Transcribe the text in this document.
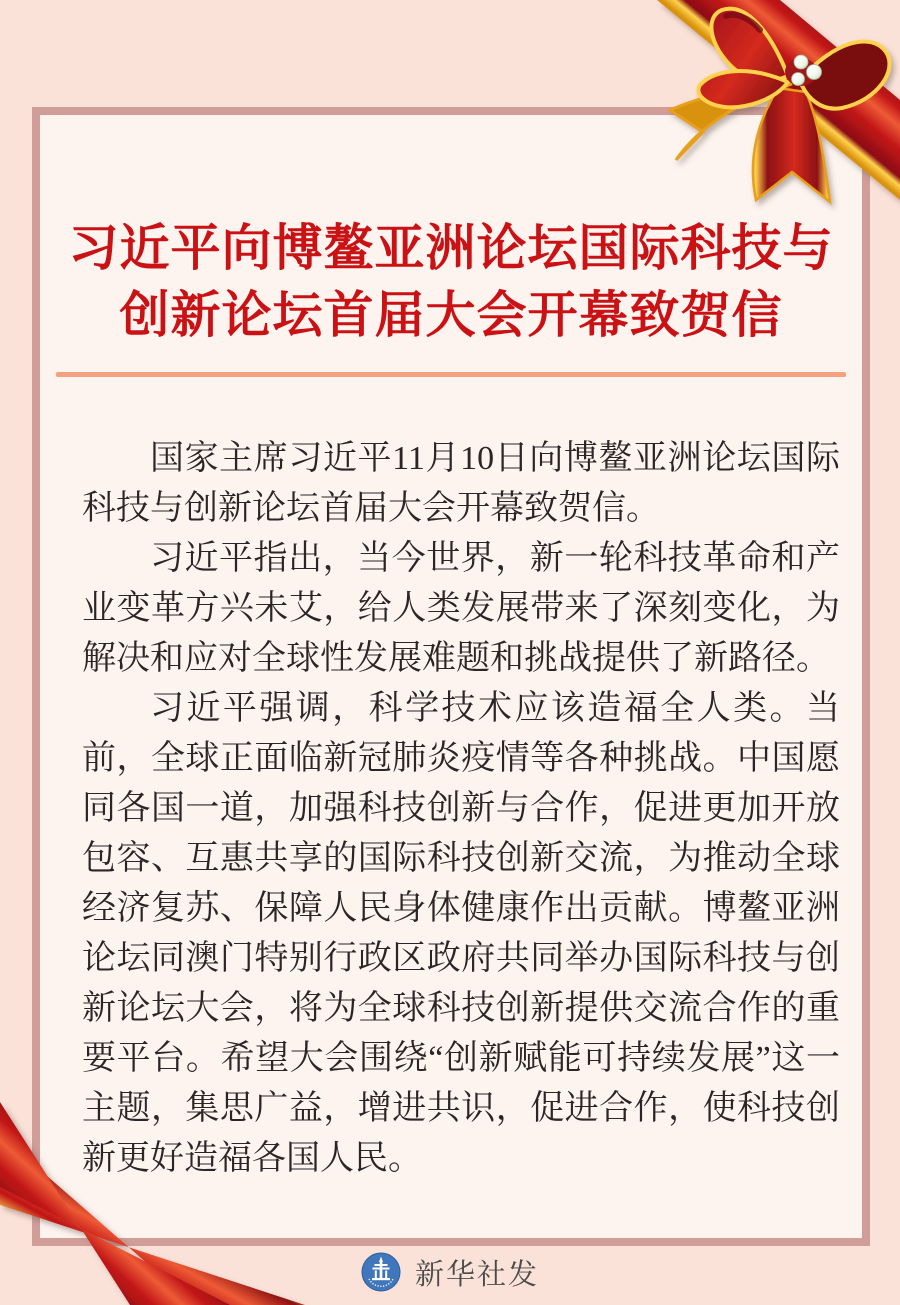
习近平向博鳌亚洲论坛国际科技与
创新论坛首届大会开幕致贺信

国家主席习近平11月10日向博鳌亚洲论坛国际科技与创新论坛首届大会开幕致贺信。

习近平指出，当今世界，新一轮科技革命和产业变革方兴未艾，给人类发展带来了深刻变化，为解决和应对全球性发展难题和挑战提供了新路径。

习近平强调，科学技术应该造福全人类。当前，全球正面临新冠肺炎疫情等各种挑战。中国愿同各国一道，加强科技创新与合作，促进更加开放包容、互惠共享的国际科技创新交流，为推动全球经济复苏、保障人民身体健康作出贡献。博鳌亚洲论坛同澳门特别行政区政府共同举办国际科技与创新论坛大会，将为全球科技创新提供交流合作的重要平台。希望大会围绕“创新赋能可持续发展”这一主题，集思广益，增进共识，促进合作，使科技创新更好造福各国人民。

新华社发
